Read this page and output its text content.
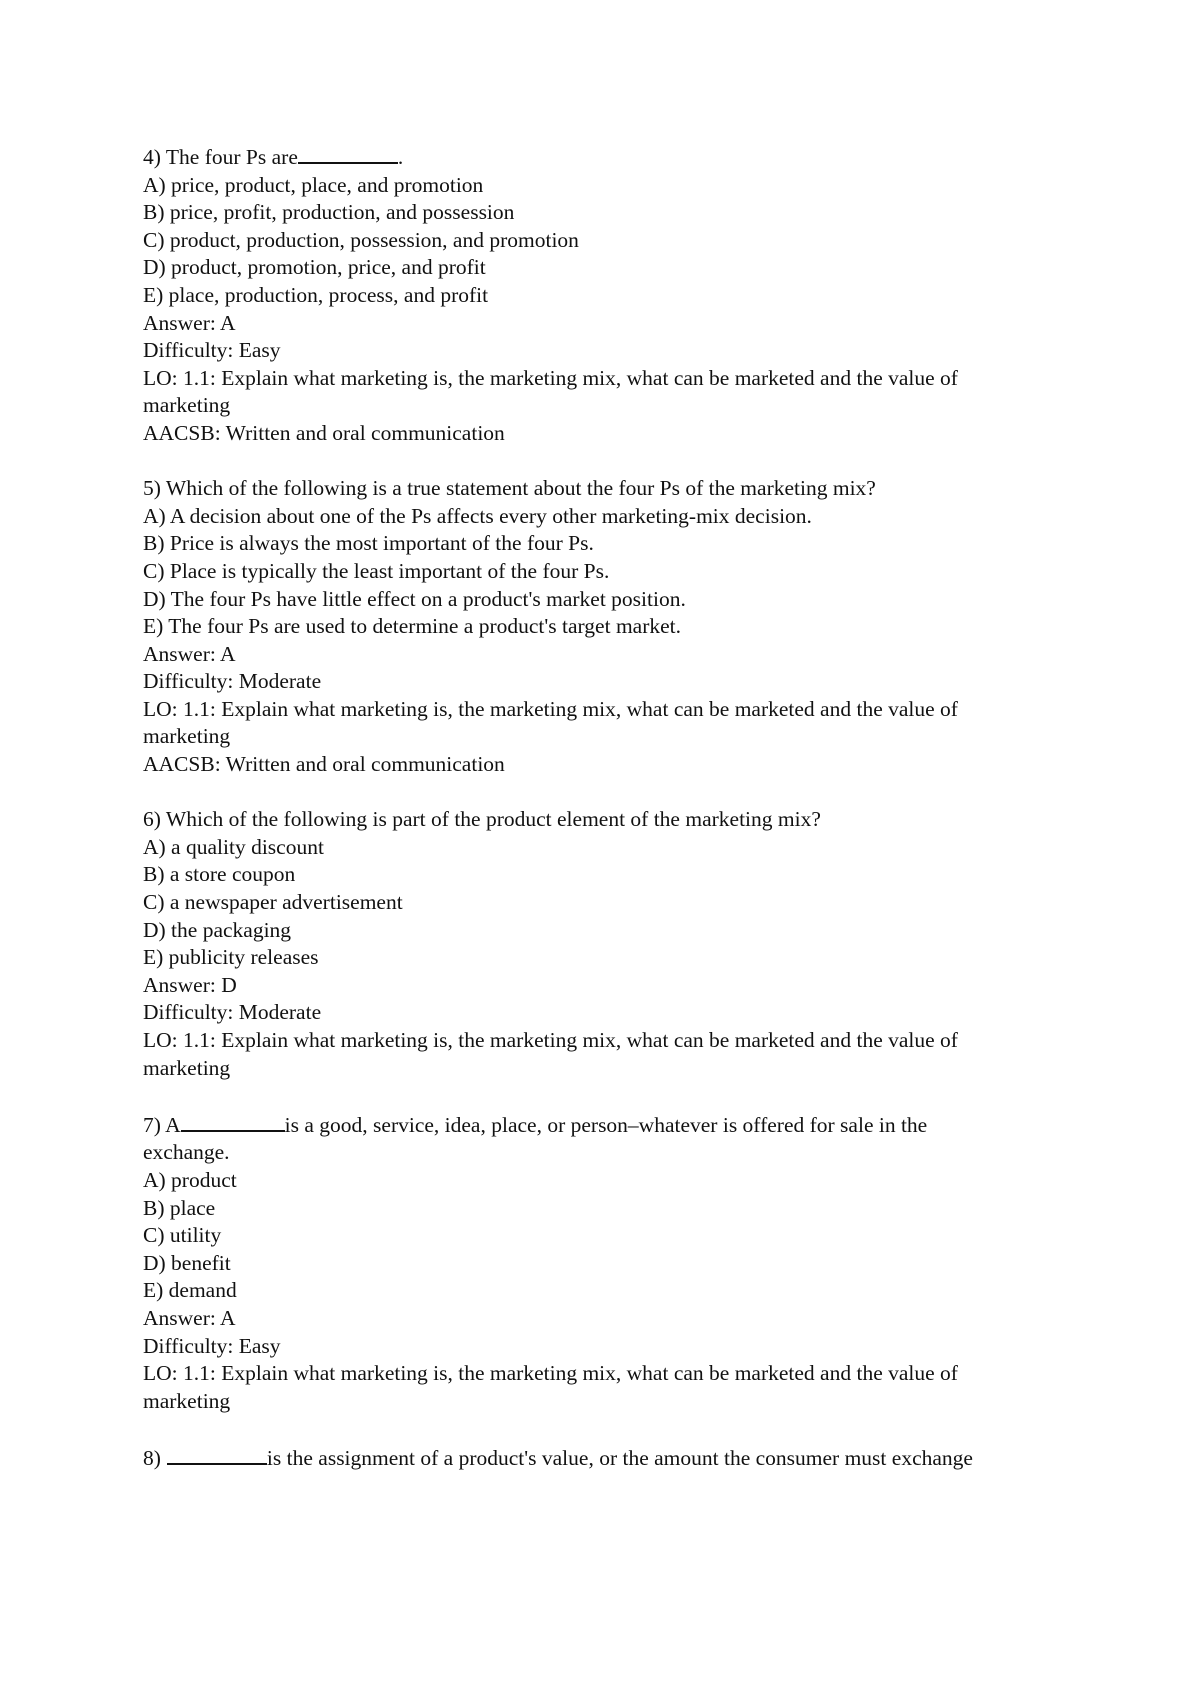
4) The four Ps are	.
A) price, product, place, and promotion
B) price, profit, production, and possession
C) product, production, possession, and promotion
D) product, promotion, price, and profit
E) place, production, process, and profit
Answer: A
Difficulty: Easy
LO: 1.1: Explain what marketing is, the marketing mix, what can be marketed and the value of
marketing
AACSB: Written and oral communication
5) Which of the following is a true statement about the four Ps of the marketing mix?
A) A decision about one of the Ps affects every other marketing-mix decision.
B) Price is always the most important of the four Ps.
C) Place is typically the least important of the four Ps.
D) The four Ps have little effect on a product's market position.
E) The four Ps are used to determine a product's target market.
Answer: A
Difficulty: Moderate
LO: 1.1: Explain what marketing is, the marketing mix, what can be marketed and the value of
marketing
AACSB: Written and oral communication
6) Which of the following is part of the product element of the marketing mix?
A) a quality discount
B) a store coupon
C) a newspaper advertisement
D) the packaging
E) publicity releases
Answer: D
Difficulty: Moderate
LO: 1.1: Explain what marketing is, the marketing mix, what can be marketed and the value of
marketing
7) A	is a good, service, idea, place, or person–whatever is offered for sale in the
exchange.
A) product
B) place
C) utility
D) benefit
E) demand
Answer: A
Difficulty: Easy
LO: 1.1: Explain what marketing is, the marketing mix, what can be marketed and the value of
marketing
8)	is the assignment of a product's value, or the amount the consumer must exchange
